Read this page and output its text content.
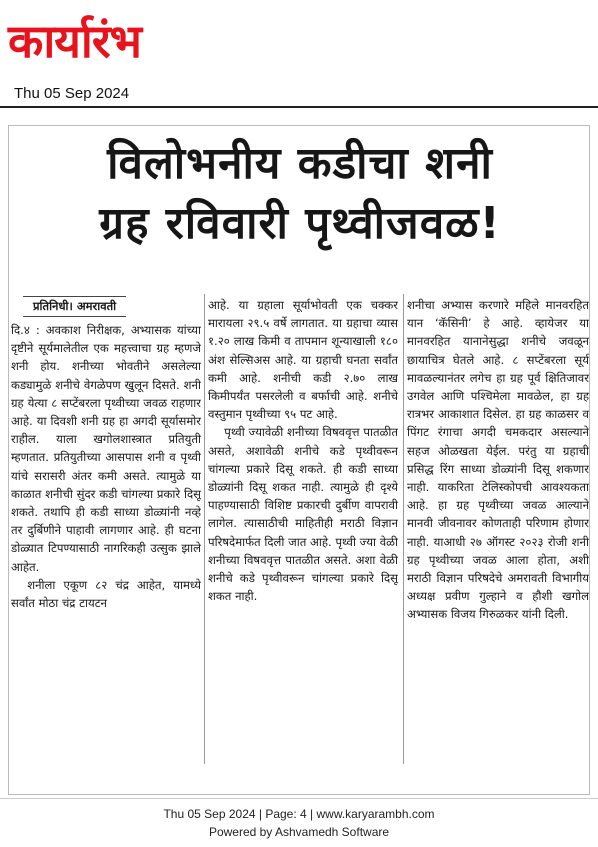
कार्यारंभ
Thu 05 Sep 2024
विलोभनीय कडीचा शनी
ग्रह रविवारी पृथ्वीजवळ!
प्रतिनिधी। अमरावती

दि.४ : अवकाश निरीक्षक, अभ्यासक यांच्या दृष्टीने सूर्यमालेतील एक महत्त्वाचा ग्रह म्हणजे शनी होय. शनीच्या भोवतीने असलेल्या कड्यामुळे शनीचे वेगळेपण खुलून दिसते. शनी ग्रह येत्या ८ सप्टेंबरला पृथ्वीच्या जवळ राहणार आहे. या दिवशी शनी ग्रह हा अगदी सूर्यासमोर राहील. याला खगोलशास्त्रात प्रतियुती म्हणतात. प्रतियुतीच्या आसपास शनी व पृथ्वी यांचे सरासरी अंतर कमी असते. त्यामुळे या काळात शनीची सुंदर कडी चांगल्या प्रकारे दिसू शकते. तथापि ही कडी साध्या डोळ्यांनी नव्हे तर दुर्बिणीने पाहावी लागणार आहे. ही घटना डोळ्यात टिपण्यासाठी नागरिकही उत्सुक झाले आहेत.

शनीला एकूण ८२ चंद्र आहेत, यामध्ये सर्वांत मोठा चंद्र टायटन

आहे. या ग्रहाला सूर्याभोवती एक चक्कर मारायला २९.५ वर्षे लागतात. या ग्रहाचा व्यास १.२० लाख किमी व तापमान शून्याखाली १८० अंश सेल्सिअस आहे. या ग्रहाची घनता सर्वांत कमी आहे. शनीची कडी २.७० लाख किमीपर्यंत पसरलेली व बर्फाची आहे. शनीचे वस्तुमान पृथ्वीच्या ९५ पट आहे.

पृथ्वी ज्यावेळी शनीच्या विषववृत्त पातळीत असते, अशावेळी शनीचे कडे पृथ्वीवरून चांगल्या प्रकारे दिसू शकते. ही कडी साध्या डोळ्यांनी दिसू शकत नाही. त्यामुळे ही दृश्ये पाहण्यासाठी विशिष्ट प्रकारची दुर्बीण वापरावी लागेल. त्यासाठीची माहितीही मराठी विज्ञान परिषदेमार्फत दिली जात आहे. पृथ्वी ज्या वेळी शनीच्या विषववृत्त पातळीत असते. अशा वेळी शनीचे कडे पृथ्वीवरून चांगल्या प्रकारे दिसू शकत नाही.

शनीचा अभ्यास करणारे महिले मानवरहित यान ‘कॅसिनी’ हे आहे. व्हायेजर या मानवरहित यानानेसुद्धा शनीचे जवळून छायाचित्र घेतले आहे. ८ सप्टेंबरला सूर्य मावळल्यानंतर लगेच हा ग्रह पूर्व क्षितिजावर उगवेल आणि पश्चिमेला मावळेल, हा ग्रह रात्रभर आकाशात दिसेल. हा ग्रह काळसर व पिंगट रंगाचा अगदी चमकदार असल्याने सहज ओळखता येईल. परंतु या ग्रहाची प्रसिद्ध रिंग साध्या डोळ्यांनी दिसू शकणार नाही. याकरिता टेलिस्कोपची आवश्यकता आहे. हा ग्रह पृथ्वीच्या जवळ आल्याने मानवी जीवनावर कोणताही परिणाम होणार नाही. याआधी २७ ऑगस्ट २०२३ रोजी शनी ग्रह पृथ्वीच्या जवळ आला होता, अशी मराठी विज्ञान परिषदेचे अमरावती विभागीय अध्यक्ष प्रवीण गुल्हाने व हौशी खगोल अभ्यासक विजय गिरुळकर यांनी दिली.

Thu 05 Sep 2024 | Page: 4 | www.karyarambh.com
Powered by Ashvamedh Software
